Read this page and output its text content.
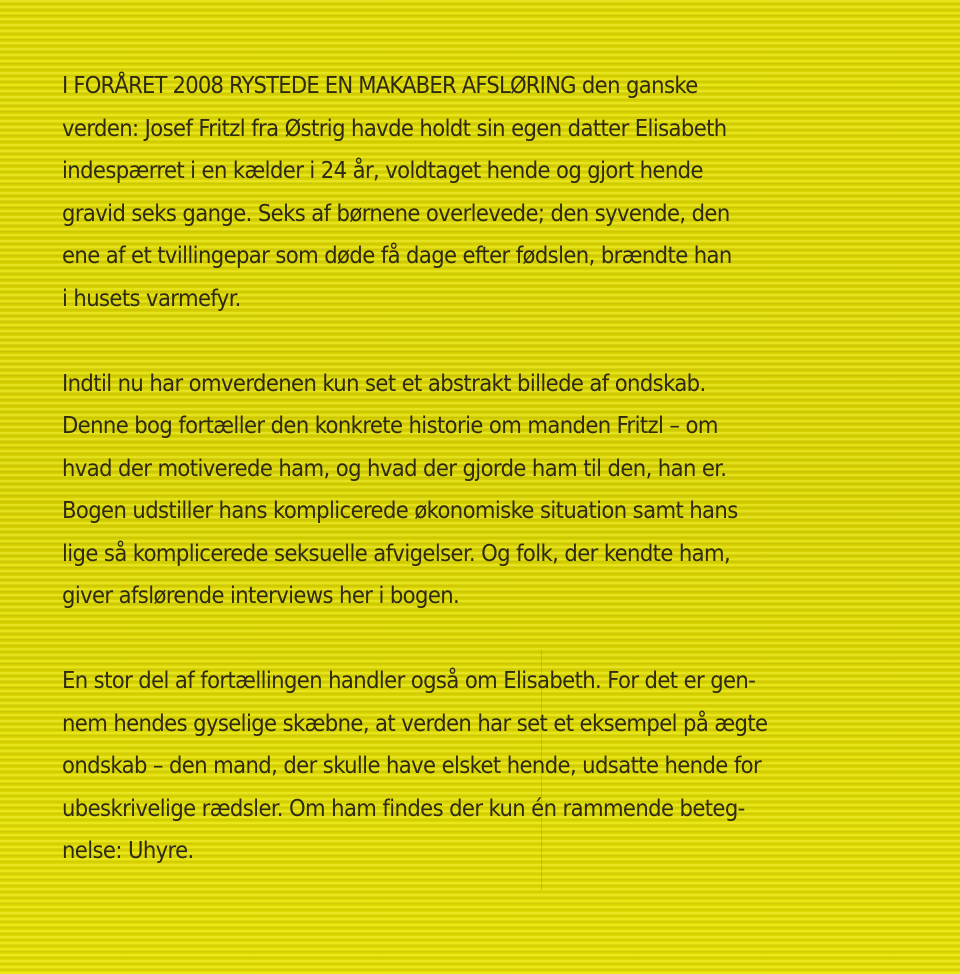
I FORÅRET 2008 RYSTEDE EN MAKABER AFSLØRING den ganske
verden: Josef Fritzl fra Østrig havde holdt sin egen datter Elisabeth
indespærret i en kælder i 24 år, voldtaget hende og gjort hende
gravid seks gange. Seks af børnene overlevede; den syvende, den
ene af et tvillingepar som døde få dage efter fødslen, brændte han
i husets varmefyr.

Indtil nu har omverdenen kun set et abstrakt billede af ondskab.
Denne bog fortæller den konkrete historie om manden Fritzl – om
hvad der motiverede ham, og hvad der gjorde ham til den, han er.
Bogen udstiller hans komplicerede økonomiske situation samt hans
lige så komplicerede seksuelle afvigelser. Og folk, der kendte ham,
giver afslørende interviews her i bogen.

En stor del af fortællingen handler også om Elisabeth. For det er gen-
nem hendes gyselige skæbne, at verden har set et eksempel på ægte
ondskab – den mand, der skulle have elsket hende, udsatte hende for
ubeskrivelige rædsler. Om ham findes der kun én rammende beteg-
nelse: Uhyre.
